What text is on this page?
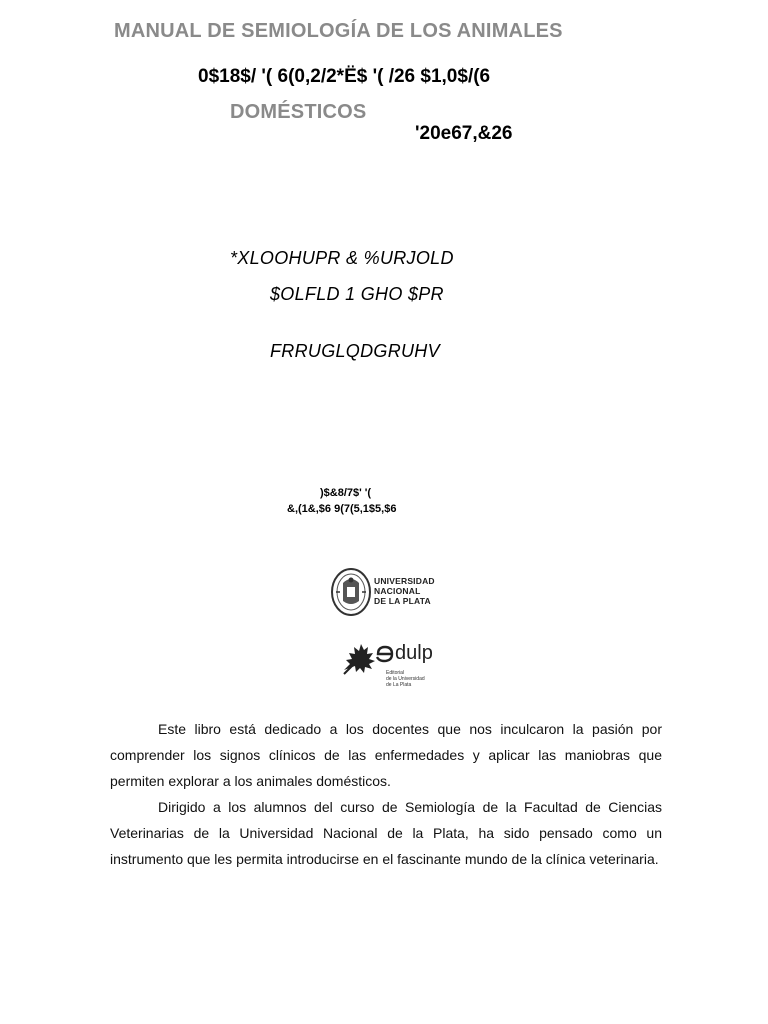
MANUAL DE SEMIOLOGÍA DE LOS ANIMALES
0$18$/ '( 6(0,2/2*Ë$ '( /26 $1,0$/(6
DOMÉSTICOS
'20e67,&26
*XLOOHUPR & %URJOLD
$OLFLD 1 GHO $PR
FRRUGLQDGRUHV
)$&8/7$' '(
&,(1&,$6 9(7(5,1$5,$6
UNIVERSIDAD
NACIONAL
DE LA PLATA
dulp
Editorial
de la Universidad
de La Plata

Este libro está dedicado a los docentes que nos inculcaron la pasión por comprender los signos clínicos de las enfermedades y aplicar las maniobras que permiten explorar a los animales domésticos.

Dirigido a los alumnos del curso de Semiología de la Facultad de Ciencias Veterinarias de la Universidad Nacional de la Plata, ha sido pensado como un instrumento que les permita introducirse en el fascinante mundo de la clínica veterinaria.
